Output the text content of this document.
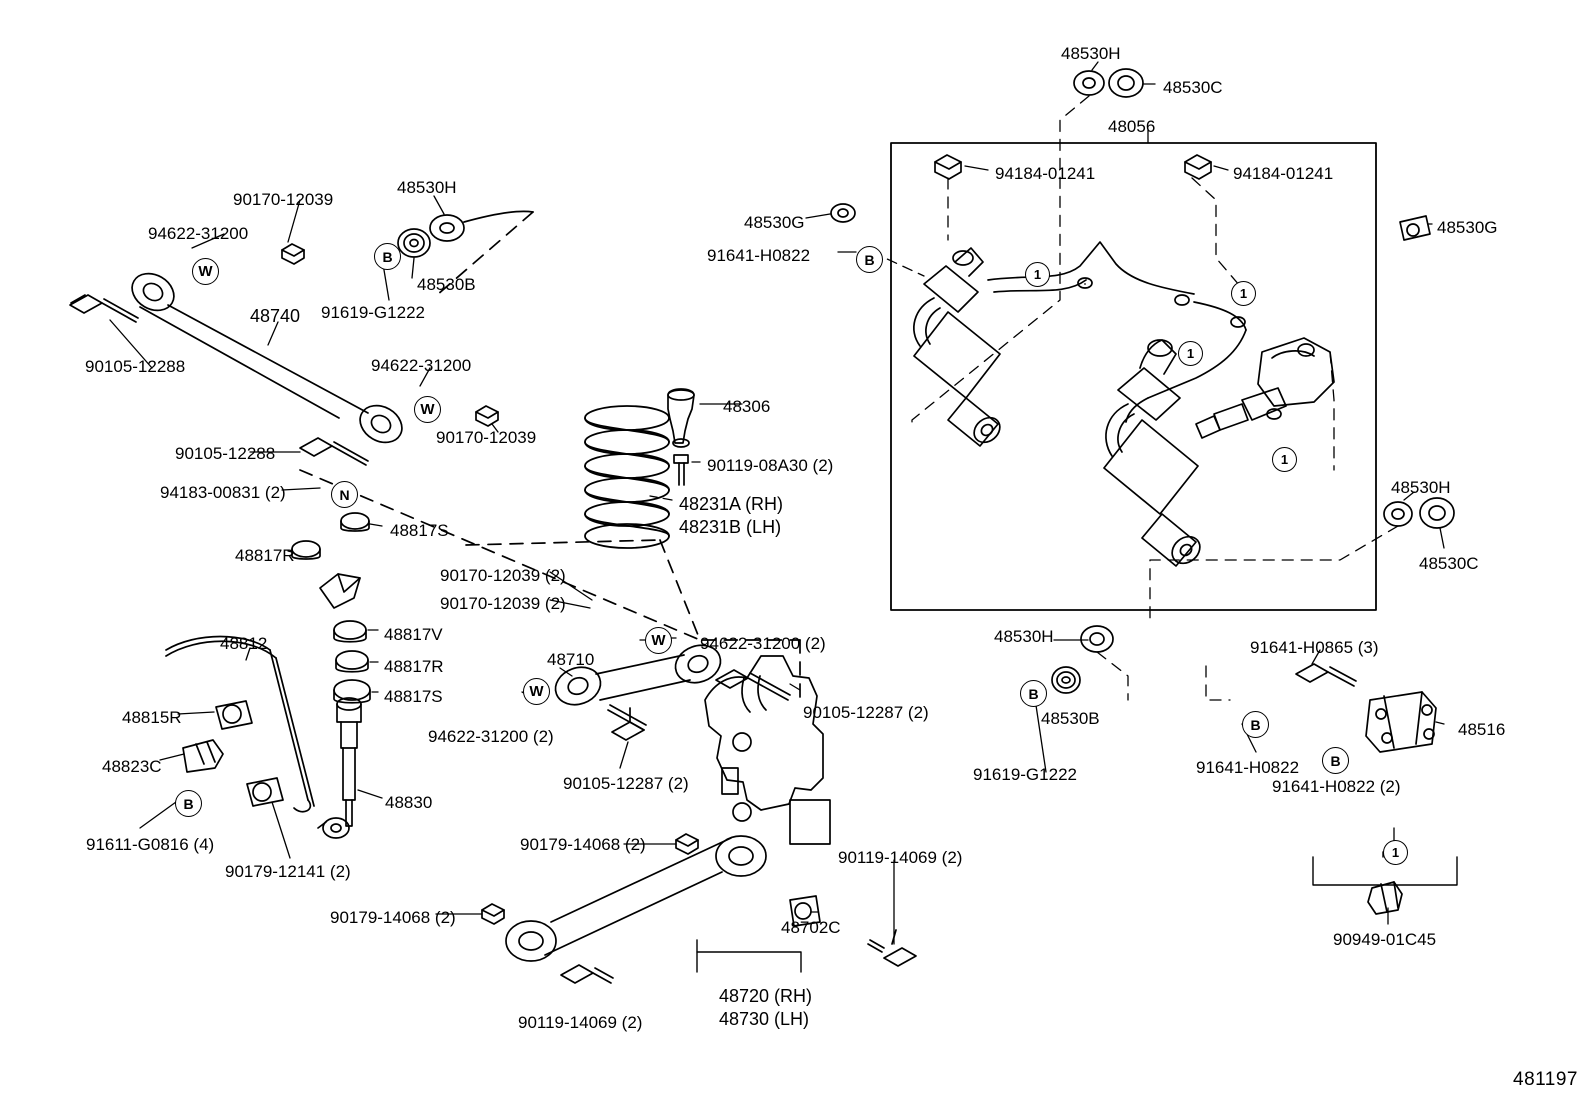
48530H
48530C
48056
94184-01241	94184-01241
48530G	48530G
91641-H0822
90170-12039
94622-31200
48530H
48530B
91619-G1222
48740
90105-12288	94622-31200
90170-12039
90105-12288
94183-00831 (2)
48817S
48817R
48306
90119-08A30 (2)
48231A (RH)
48231B (LH)
90170-12039 (2)
90170-12039 (2)
48817V
48817R
48817S
48812
48815R
48823C
91611-G0816 (4)
90179-12141 (2)
48830
94622-31200 (2)
48710
94622-31200 (2)
90105-12287 (2)
90105-12287 (2)
90179-14068 (2)
90179-14068 (2)
90119-14069 (2)
48702C
48720 (RH)
48730 (LH)
90119-14069 (2)
48530H
48530B
91619-G1222
48530H
48530C
91641-H0865 (3)
48516
91641-H0822
91641-H0822 (2)
90949-01C45
W
B
W
N
W
W
B
B
1
1
1
1
B
B
B
1
481197
